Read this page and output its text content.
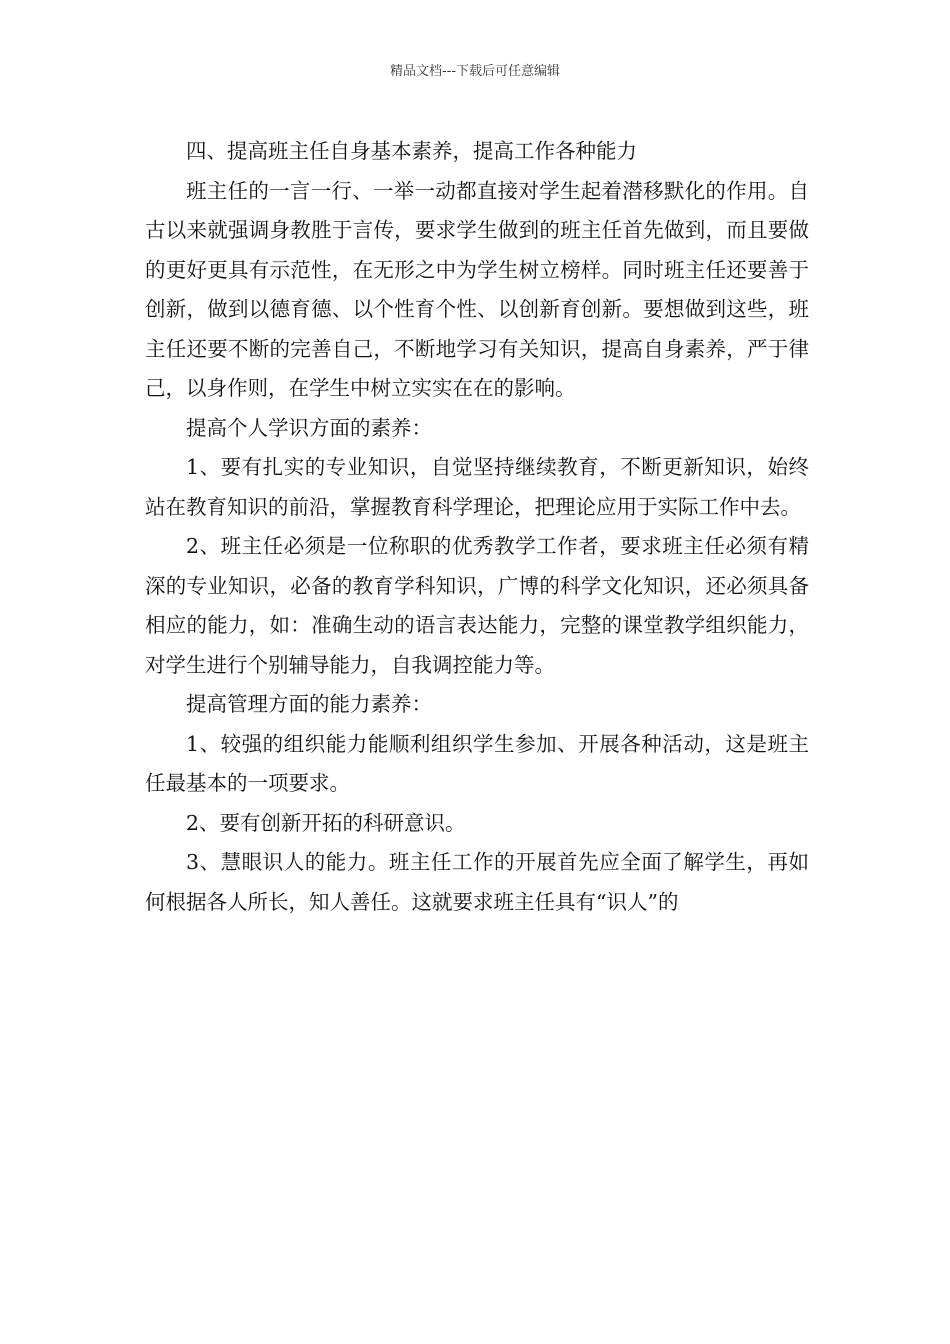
精品文档---下载后可任意编辑

四、提高班主任自身基本素养，提高工作各种能力

班主任的一言一行、一举一动都直接对学生起着潜移默化的作用。自古以来就强调身教胜于言传，要求学生做到的班主任首先做到，而且要做的更好更具有示范性，在无形之中为学生树立榜样。同时班主任还要善于创新，做到以德育德、以个性育个性、以创新育创新。要想做到这些，班主任还要不断的完善自己，不断地学习有关知识，提高自身素养，严于律己，以身作则，在学生中树立实实在在的影响。

提高个人学识方面的素养：

1、要有扎实的专业知识，自觉坚持继续教育，不断更新知识，始终站在教育知识的前沿，掌握教育科学理论，把理论应用于实际工作中去。

2、班主任必须是一位称职的优秀教学工作者，要求班主任必须有精深的专业知识，必备的教育学科知识，广博的科学文化知识，还必须具备相应的能力，如：准确生动的语言表达能力，完整的课堂教学组织能力，对学生进行个别辅导能力，自我调控能力等。

提高管理方面的能力素养：

1、较强的组织能力能顺利组织学生参加、开展各种活动，这是班主任最基本的一项要求。

2、要有创新开拓的科研意识。

3、慧眼识人的能力。班主任工作的开展首先应全面了解学生，再如何根据各人所长，知人善任。这就要求班主任具有“识人”的
